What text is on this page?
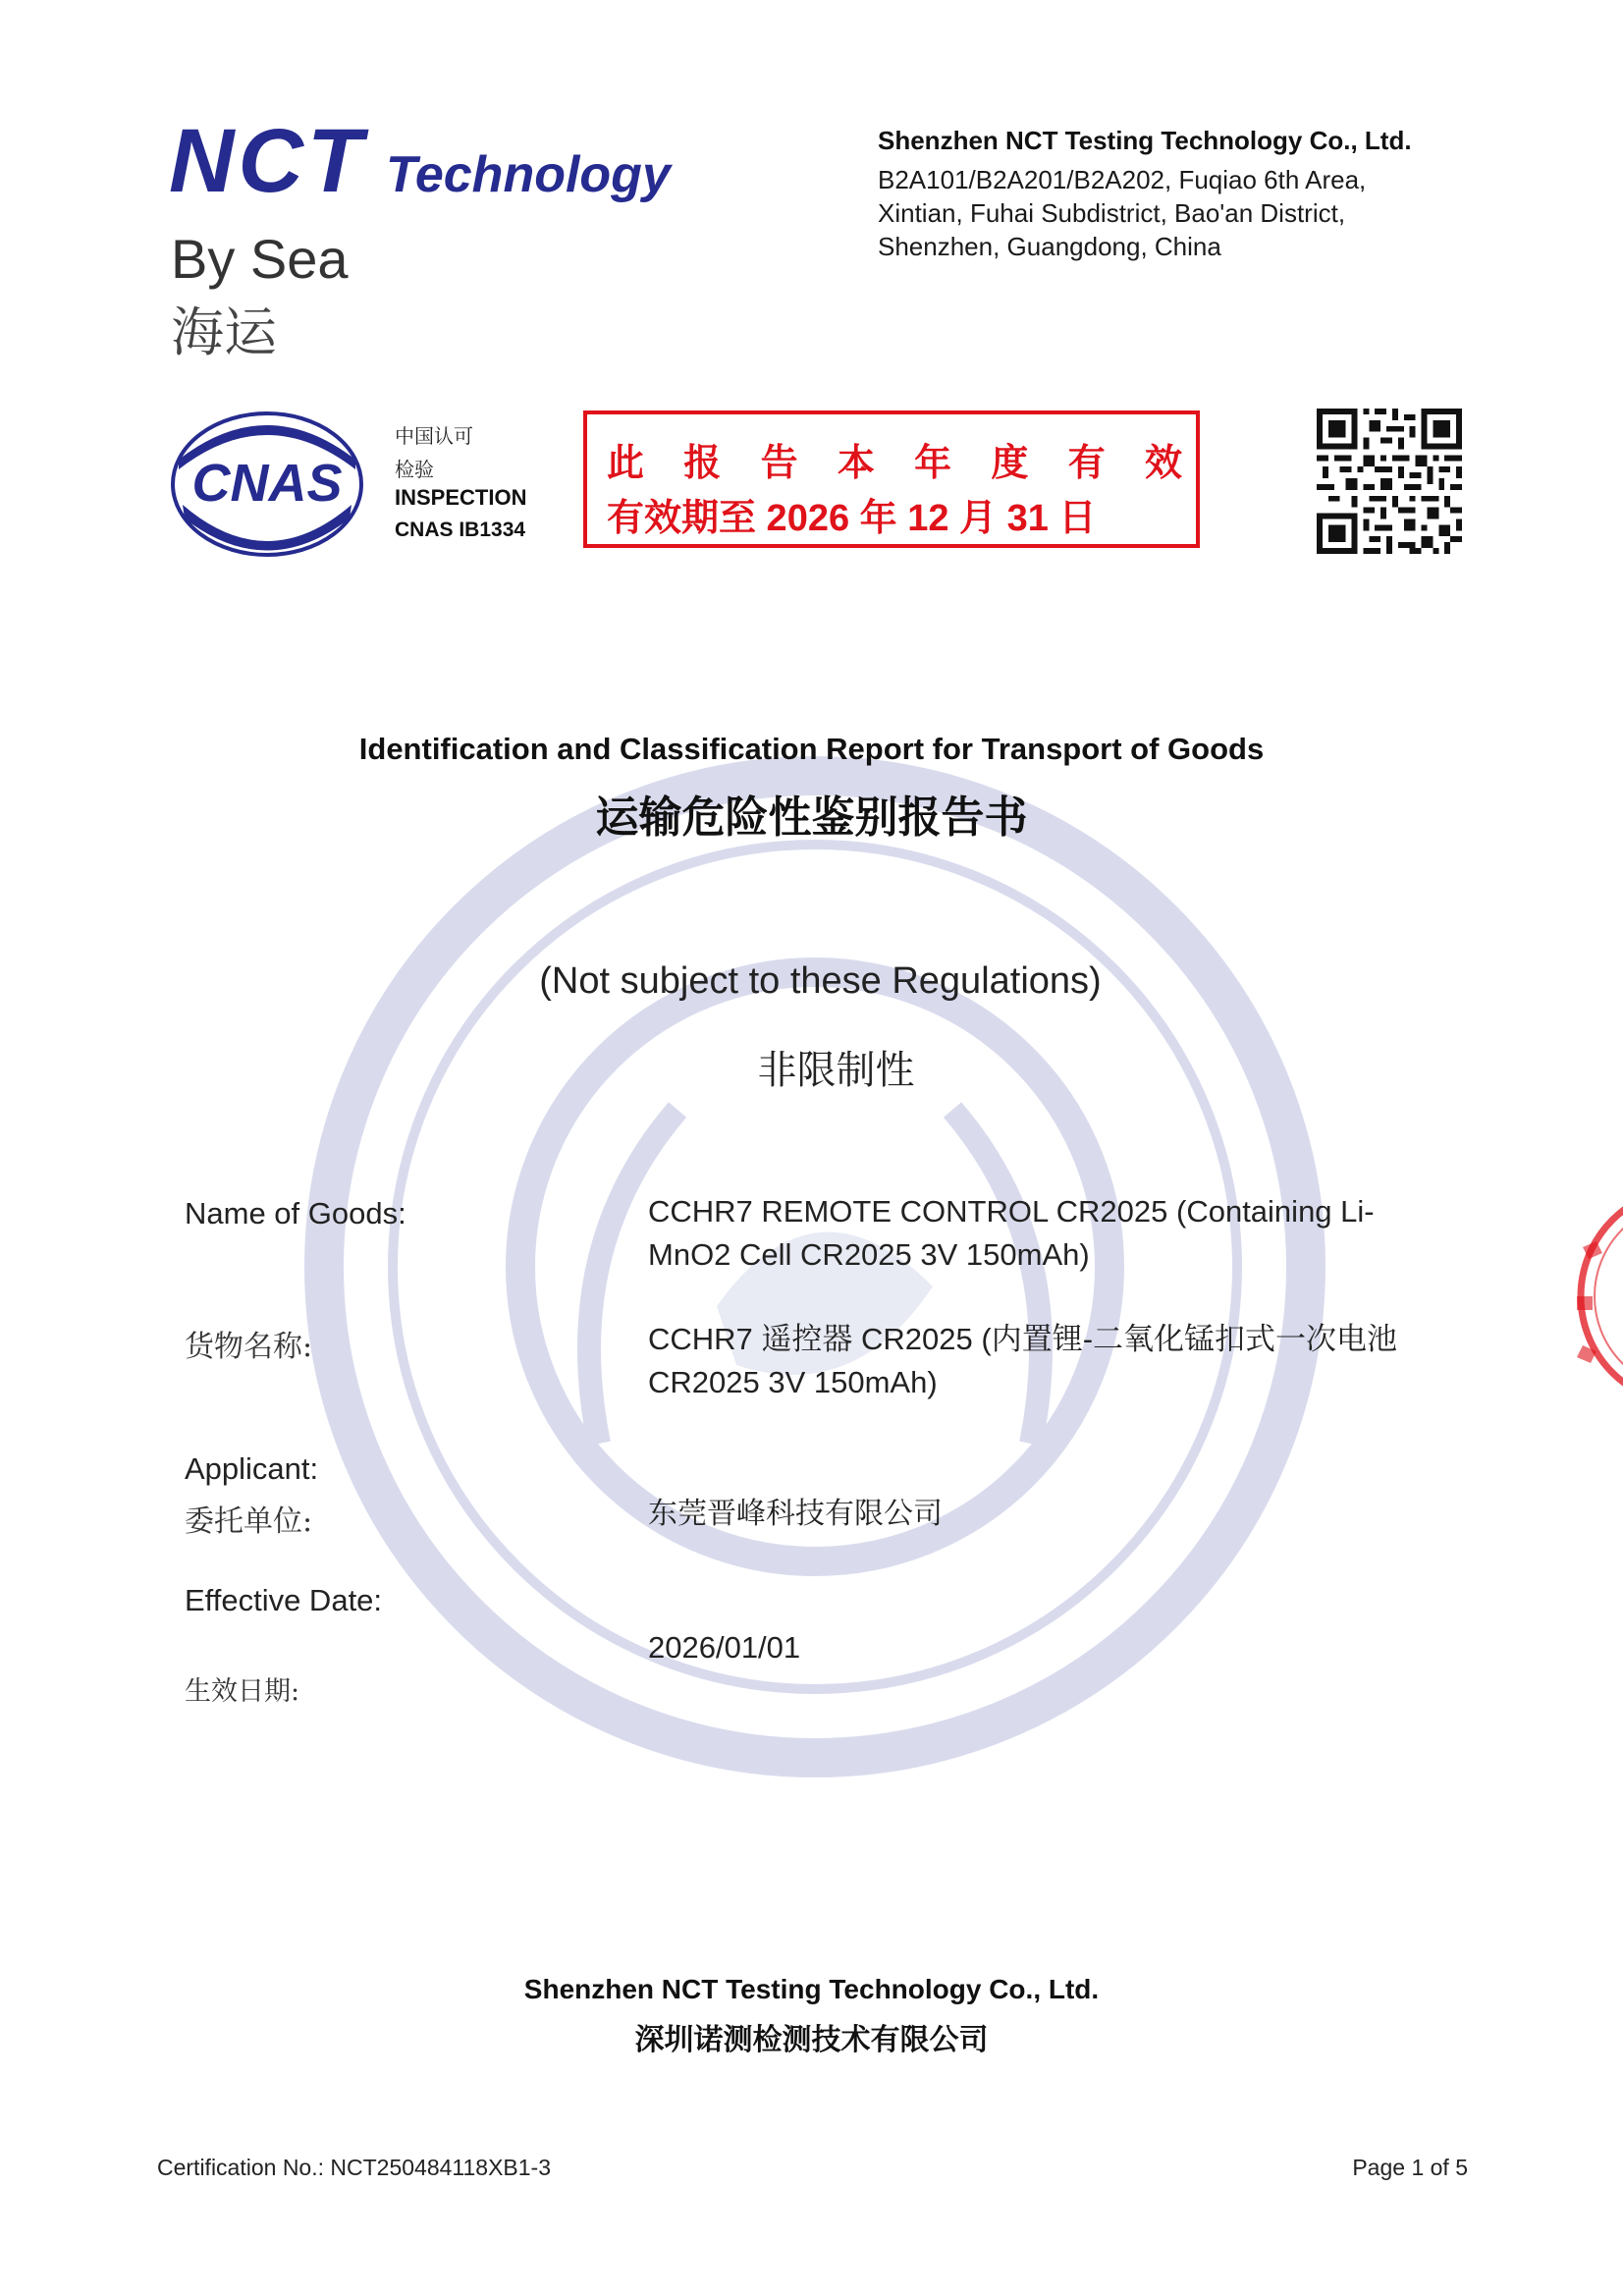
NCT Technology
By Sea
海运
Shenzhen NCT Testing Technology Co., Ltd.
B2A101/B2A201/B2A202, Fuqiao 6th Area,
Xintian, Fuhai Subdistrict, Bao'an District,
Shenzhen, Guangdong, China
CNAS
中国认可
检验
INSPECTION
CNAS IB1334
此 报 告 本 年 度 有 效
有效期至 2026 年 12 月 31 日
Identification and Classification Report for Transport of Goods
运输危险性鉴别报告书
(Not subject to these Regulations)
非限制性
Name of Goods:	CCHR7 REMOTE CONTROL CR2025 (Containing Li-
MnO2 Cell CR2025 3V 150mAh)
货物名称:	CCHR7 遥控器 CR2025 (内置锂-二氧化锰扣式一次电池
CR2025 3V 150mAh)
Applicant:
委托单位:	东莞晋峰科技有限公司
Effective Date:
2026/01/01
生效日期:
Shenzhen NCT Testing Technology Co., Ltd.
深圳诺测检测技术有限公司
Certification No.: NCT250484118XB1-3	Page 1 of 5
